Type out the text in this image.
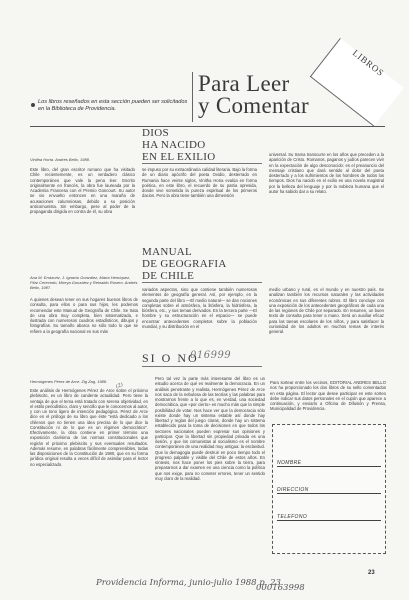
LIBROS
Para Leer
y Comentar
Los libros reseñados en esta sección pueden ser solicitados en la Biblioteca de Providencia.
DIOS
HA NACIDO
EN EL EXILIO
Vinitha Horta. Andrés Bello, 1988.
Este libro, del gran escritor rumano que ha visitado Chile recientemente, es un verdadero clásico contemporáneo que vale la pena leer. Escrito originalmente en francés, la obra fue laureada por la Academia Francesa con el Premio Goncourt. Su autor se vio envuelto entonces en una maraña de acusaciones calumniosas, debido a su posición anticomunista. Sin embargo, pese al poder de la propaganda dirigida en contra de él, su obra
se impuso por su extraordinaria calidad literaria. Bajo la forma de un diario apócrifo del poeta Ovidio, desterrado en Rumania hace veinte siglos, Vinitha Horia evalúa en forma poética, en este libro, el recuerdo de su patria opresida, donde vive sometida la pureza espiritual de los primeros dacios. Pero la obra tiene también una dimensión
universal. Su trama transcurre en los años que preceden a la aparición de Cristo. Romanos, paganos y judíos parecen vivir en la expectación de algo desconocido: es el preanuncio del mensaje cristiano que dará sentido al dolor del poeta desterrado y a los sufrimientos de los hombres de todos los tiempos. Dios ha nacido en el exilio es una novela magistral por la belleza del lenguaje y por la nobleza humana que el autor ha sabido dar a su relato.
MANUAL
DE GEOGRAFIA
DE CHILE
Ana M. Errázuriz, J. Ignacio González, María Henríquez, Pilar Cerecedo, Mireya González y Reinaldo Rosero. Andrés Bello, 1987.
A quienes desean tener en sus hogares buenos libros de consulta, para ellos o para sus hijos, les podemos recomendar este Manual de Geografía de Chile. Se trata de una obra muy completa, bien sistematizada, e ilustrada con numerosos cuadros estadísticos, dibujos y fotografías. Su tamaño abarca no sólo todo lo que se refiere a la geografía nacional en sus más
variados aspectos, sino que contiene también numerosos elementos de geografía general. Así, por ejemplo, en la segunda parte del libro —El medio natural— se dan nociones completas sobre el atmósfera, la litósfera, la hidrósfera, la biósfera, etc., y sus temas derivados. En la tercera parte —El hombre y su estructuración en el espacio— se puede encontrar antecedentes completos sobre la población mundial, y su distribución en el
medio urbano y rural, en el mundo y en nuestro país. Se analizan también los recursos naturales y las actividades económicas en sus diferentes rubros. El libro concluye con una exposición de los antecedentes geográficos de cada una de las regiones de Chile por separado. En resumen, un buen texto de consulta para tener a mano. Será un auxiliar eficaz para las tareas escolares de los niños, y para satisfacer la curiosidad de los adultos en muchos temas de interés general.
SI O NO
016999
Hermógenes Pérez de Arce. Zig Zag, 1988.
(2)
Este análisis de Hermógenes Pérez de Arce sobre el próximo plebiscito, es un libro de candente actualidad. Pero tiene la ventaja de que el tema está tratado con serena objetividad, en el estilo periodístico, claro y sencillo que le conocemos al autor, y con un tono ligero de intención pedagógica. Pérez de Arce dice en el prólogo de su libro que éste "está dedicado a los chilenos que no tienen una idea precisa de lo que dice la Constitución ni de lo que es un régimen democrático". Efectivamente, la obra contiene en primer término una exposición clarísima de las normas constitucionales que regirán el próximo plebiscito y sus eventuales resultados. Además resume, en palabras fácilmente comprensibles, todas las disposiciones de la Constitución de 1980, que en su forma jurídica original resulta a veces difícil de asimilar para el lector no especializado.
Pero tal vez la parte más interesante del libro es un estudio acerca de qué es realmente la democracia. En un análisis penetrante y realista, Hermógenes Pérez de Arce nos saca de la nebulosa de las teorías y las palabras para mostrarnos frente a lo que es, en verdad, una sociedad democrática, que «por cierto» es mucho más que la simple posibilidad de votar. Nos hace ver que la democracia sólo existe donde hay un sistema estable así donde hay libertad y reglas del juego claras, donde hay un sistema establecido para la toma de decisiones en que todos los sectores nacionales pueden expresar sus opiniones y participar. Que la libertad sin propiedad privada es una ilusión, y que los comunistas al socialismo es el nombre contemporáneo de una realidad muy antigua: la esclavitud. Que la demagogia puede destruir en poco tiempo todo el progreso palpable y visible del Chile de estos años. En síntesis, nos hace poner los pies sobre la tierra, para prepararnos a dar examen en una ciencia como la política que nos exige, para no cometer errores, tener un sentido muy claro de la realidad.
Para sortear entre los vecinos, EDITORIAL ANDRES BELLO nos ha proporcionado los dos libros de su sello comentados en esta página. El lector que desee participar en este sorteo debe indicar sus datos personales en el cupón que aparece a continuación, y enviarlo a Oficina de Difusión y Prensa, Municipalidad de Providencia.
NOMBRE
DIRECCION
TELEFONO
23
Providencia Informa, junio-julio 1988 p. 23
000163998
